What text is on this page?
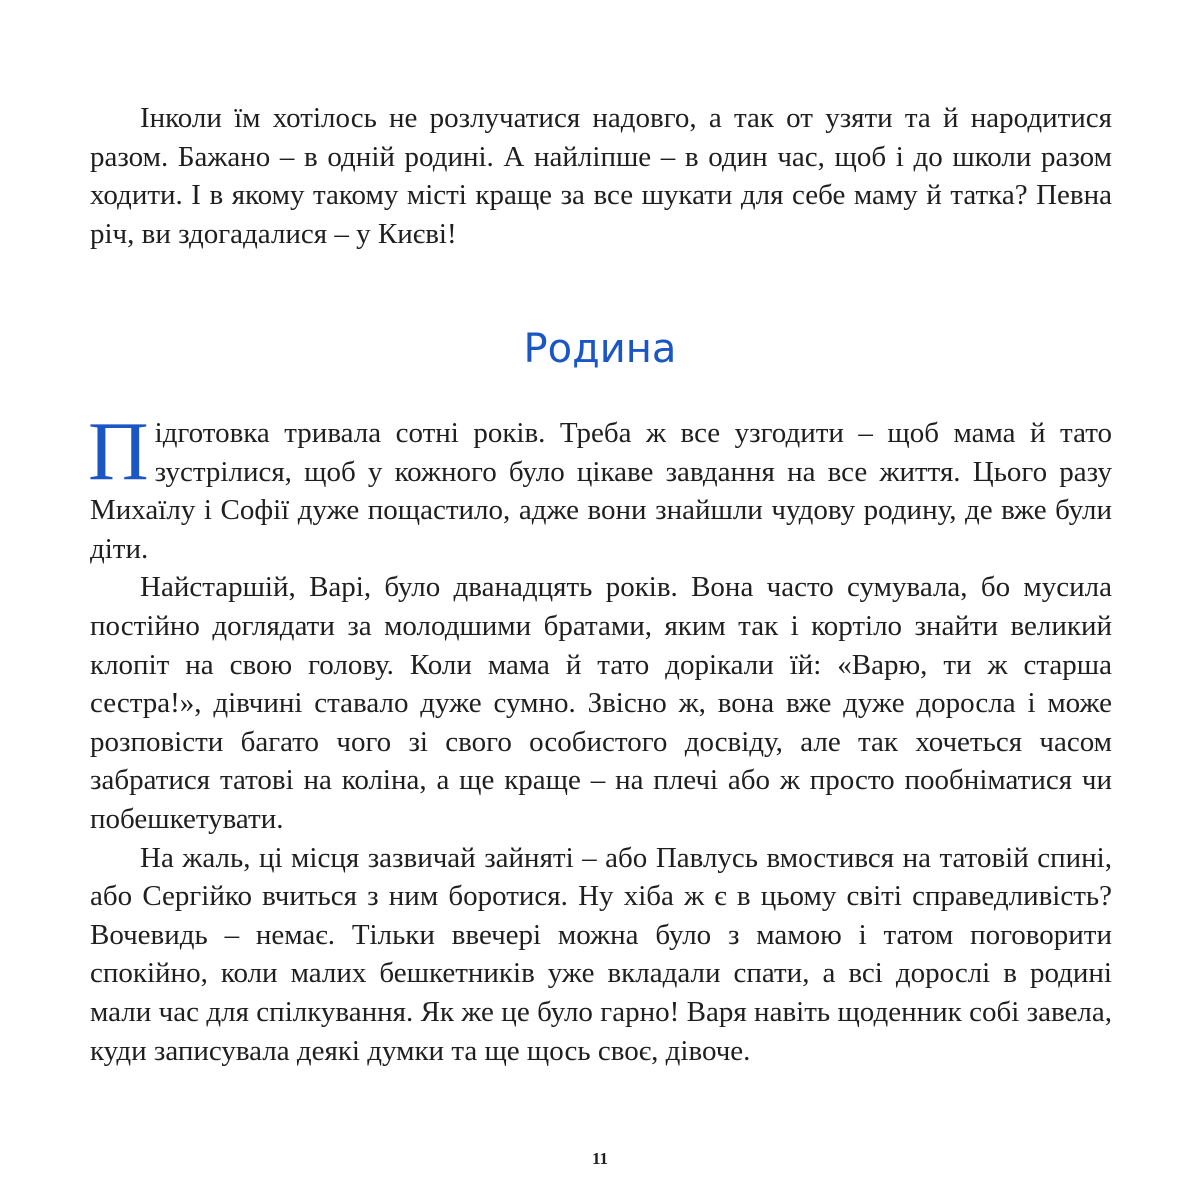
Інколи їм хотілось не розлучатися надовго, а так от узяти та й народитися разом. Бажано – в одній родині. А найліпше – в один час, щоб і до школи разом ходити. І в якому такому місті краще за все шукати для себе маму й татка? Певна річ, ви здогадалися – у Києві!

Родина

Підготовка тривала сотні років. Треба ж все узгодити – щоб мама й тато зустрілися, щоб у кожного було цікаве завдання на все життя. Цього разу Михаїлу і Софії дуже пощастило, адже вони знайшли чудову родину, де вже були діти.

Найстаршій, Варі, було дванадцять років. Вона часто сумувала, бо мусила постійно доглядати за молодшими братами, яким так і кортіло знайти великий клопіт на свою голову. Коли мама й тато дорікали їй: «Варю, ти ж старша сестра!», дівчині ставало дуже сумно. Звісно ж, вона вже дуже доросла і може розповісти багато чого зі свого особистого досвіду, але так хочеться часом забратися татові на коліна, а ще краще – на плечі або ж просто пообніматися чи побешкетувати.

На жаль, ці місця зазвичай зайняті – або Павлусь вмостився на татовій спині, або Сергійко вчиться з ним боротися. Ну хіба ж є в цьому світі справедливість? Вочевидь – немає. Тільки ввечері можна було з мамою і татом поговорити спокійно, коли малих бешкетників уже вкладали спати, а всі дорослі в родині мали час для спілкування. Як же це було гарно! Варя навіть щоденник собі завела, куди записувала деякі думки та ще щось своє, дівоче.

11
